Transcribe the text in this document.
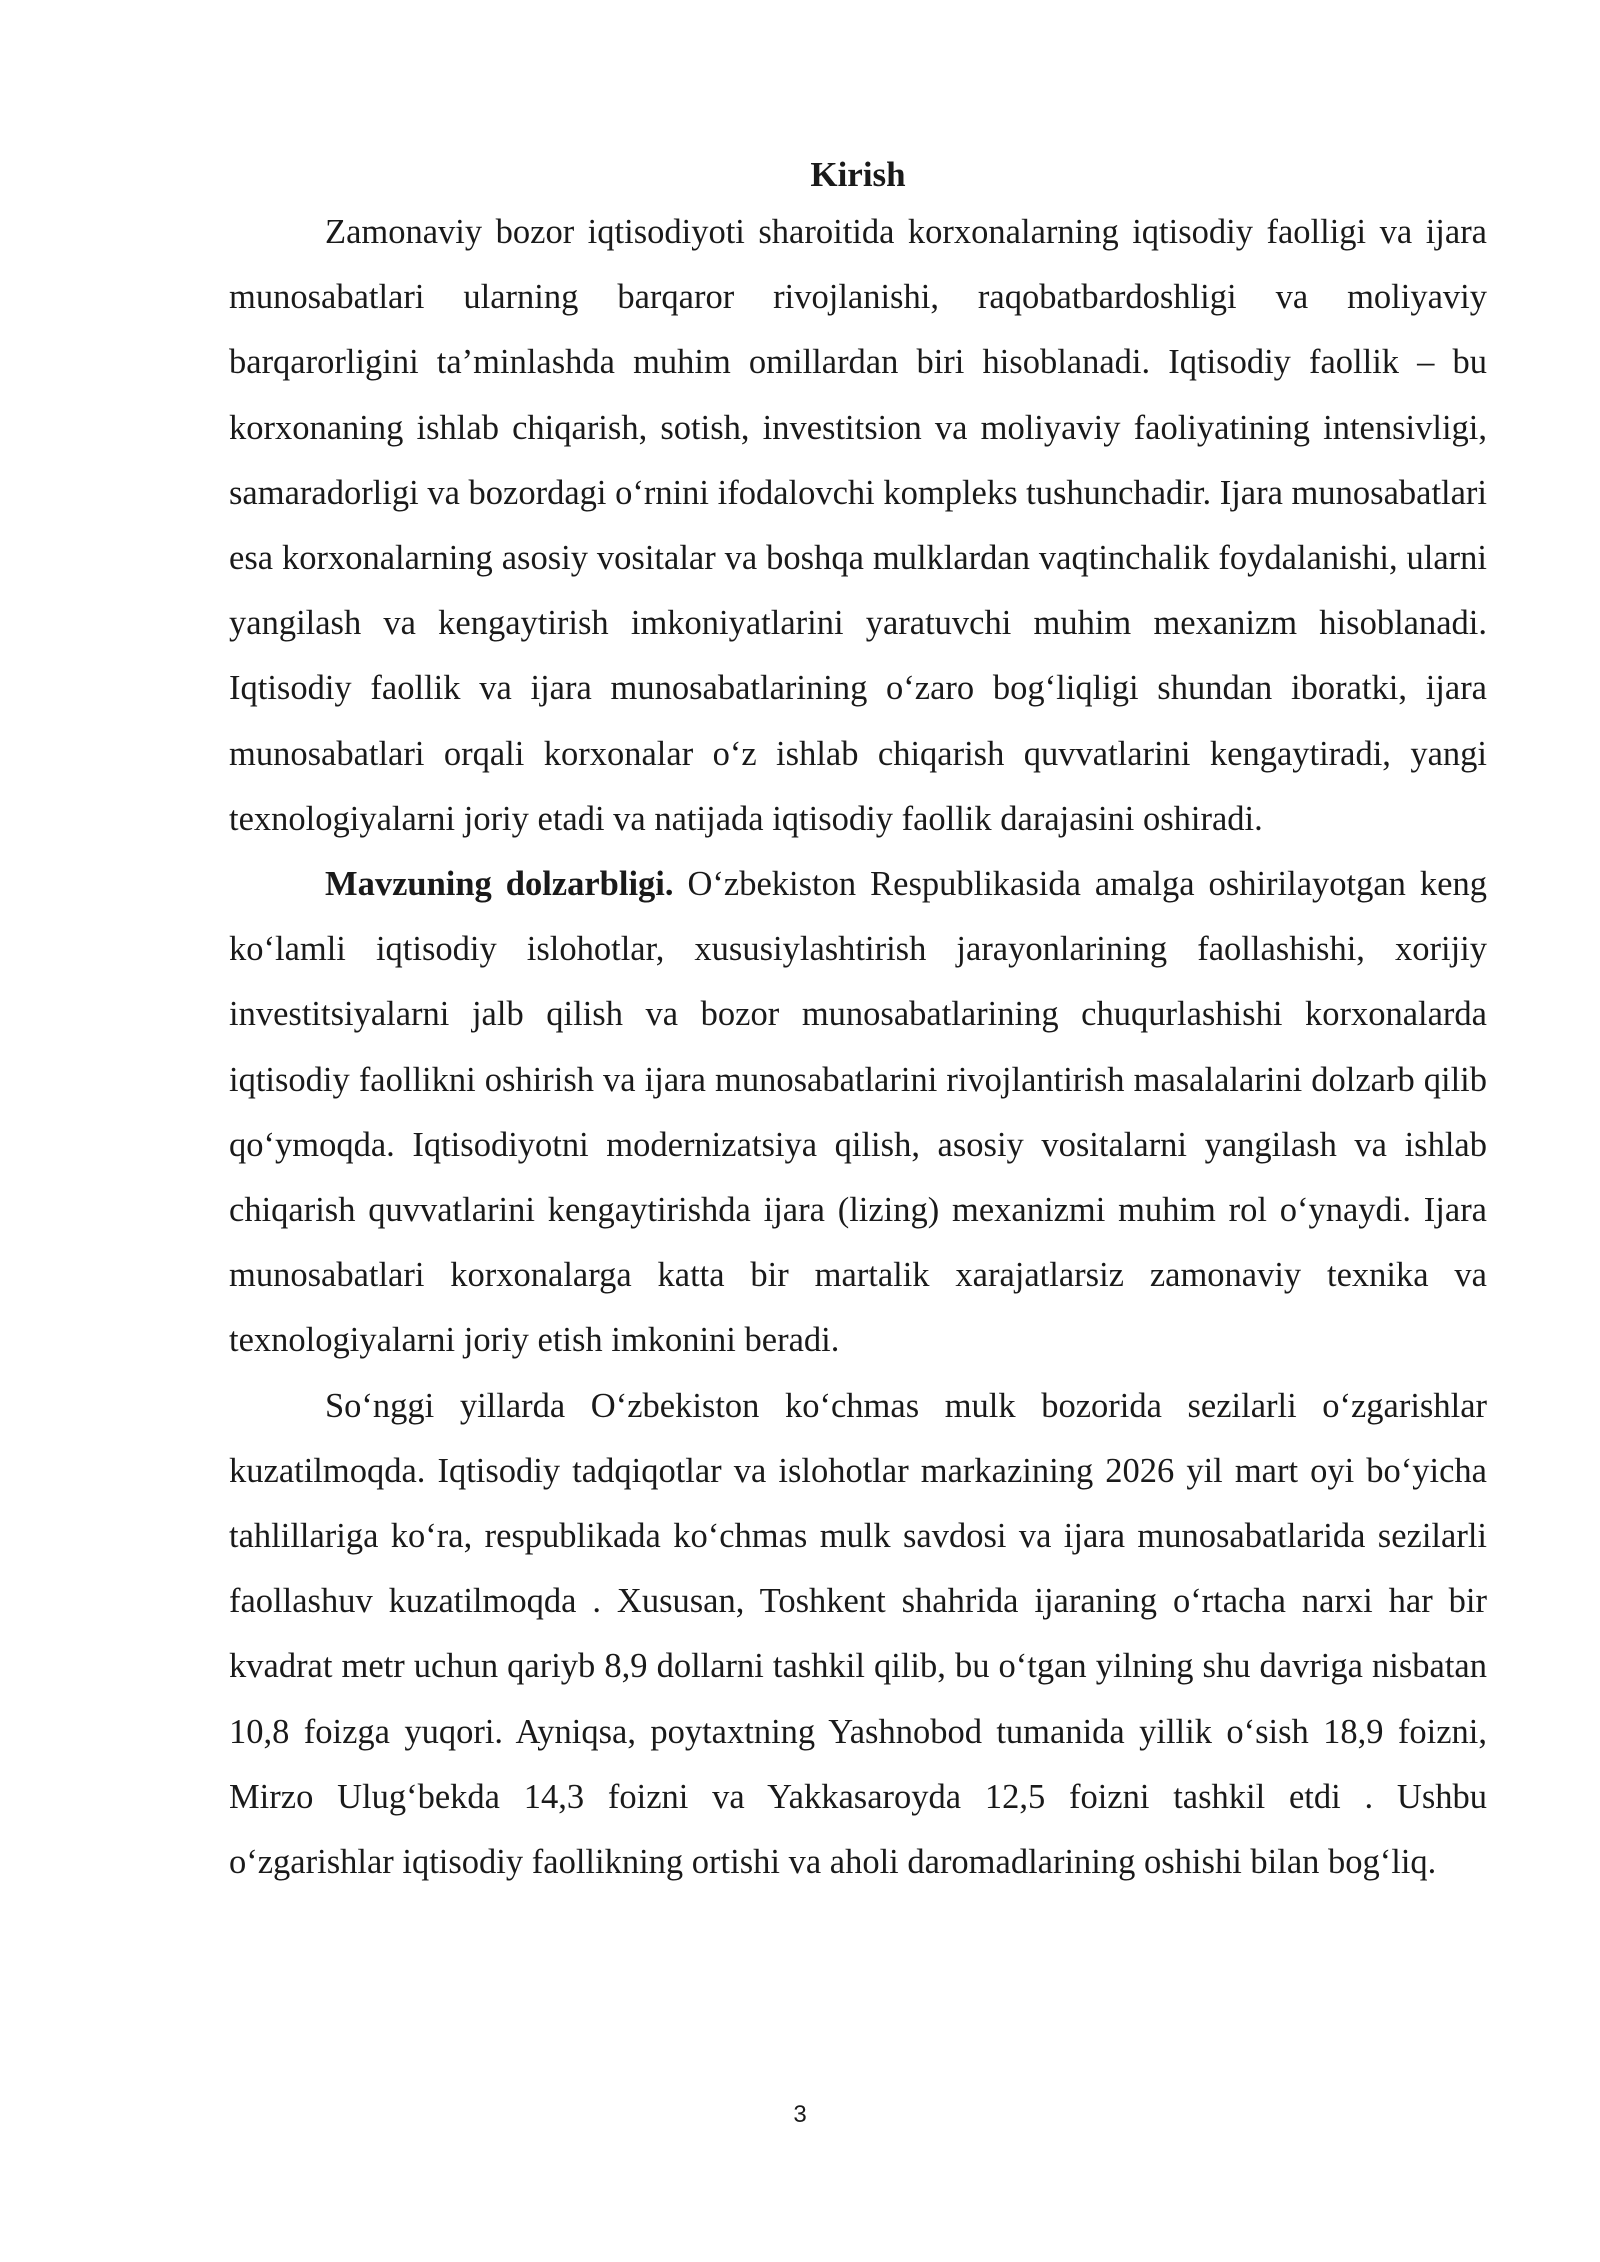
Kirish

Zamonaviy bozor iqtisodiyoti sharoitida korxonalarning iqtisodiy faolligi va ijara munosabatlari ularning barqaror rivojlanishi, raqobatbardoshligi va moliyaviy barqarorligini ta’minlashda muhim omillardan biri hisoblanadi. Iqtisodiy faollik – bu korxonaning ishlab chiqarish, sotish, investitsion va moliyaviy faoliyatining intensivligi, samaradorligi va bozordagi o‘rnini ifodalovchi kompleks tushunchadir. Ijara munosabatlari esa korxonalarning asosiy vositalar va boshqa mulklardan vaqtinchalik foydalanishi, ularni yangilash va kengaytirish imkoniyatlarini yaratuvchi muhim mexanizm hisoblanadi. Iqtisodiy faollik va ijara munosabatlarining o‘zaro bog‘liqligi shundan iboratki, ijara munosabatlari orqali korxonalar o‘z ishlab chiqarish quvvatlarini kengaytiradi, yangi texnologiyalarni joriy etadi va natijada iqtisodiy faollik darajasini oshiradi.

Mavzuning dolzarbligi. O‘zbekiston Respublikasida amalga oshirilayotgan keng ko‘lamli iqtisodiy islohotlar, xususiylashtirish jarayonlarining faollashishi, xorijiy investitsiyalarni jalb qilish va bozor munosabatlarining chuqurlashishi korxonalarda iqtisodiy faollikni oshirish va ijara munosabatlarini rivojlantirish masalalarini dolzarb qilib qo‘ymoqda. Iqtisodiyotni modernizatsiya qilish, asosiy vositalarni yangilash va ishlab chiqarish quvvatlarini kengaytirishda ijara (lizing) mexanizmi muhim rol o‘ynaydi. Ijara munosabatlari korxonalarga katta bir martalik xarajatlarsiz zamonaviy texnika va texnologiyalarni joriy etish imkonini beradi.

So‘nggi yillarda O‘zbekiston ko‘chmas mulk bozorida sezilarli o‘zgarishlar kuzatilmoqda. Iqtisodiy tadqiqotlar va islohotlar markazining 2026 yil mart oyi bo‘yicha tahlillariga ko‘ra, respublikada ko‘chmas mulk savdosi va ijara munosabatlarida sezilarli faollashuv kuzatilmoqda . Xususan, Toshkent shahrida ijaraning o‘rtacha narxi har bir kvadrat metr uchun qariyb 8,9 dollarni tashkil qilib, bu o‘tgan yilning shu davriga nisbatan 10,8 foizga yuqori. Ayniqsa, poytaxtning Yashnobod tumanida yillik o‘sish 18,9 foizni, Mirzo Ulug‘bekda 14,3 foizni va Yakkasaroyda 12,5 foizni tashkil etdi . Ushbu o‘zgarishlar iqtisodiy faollikning ortishi va aholi daromadlarining oshishi bilan bog‘liq.

3
